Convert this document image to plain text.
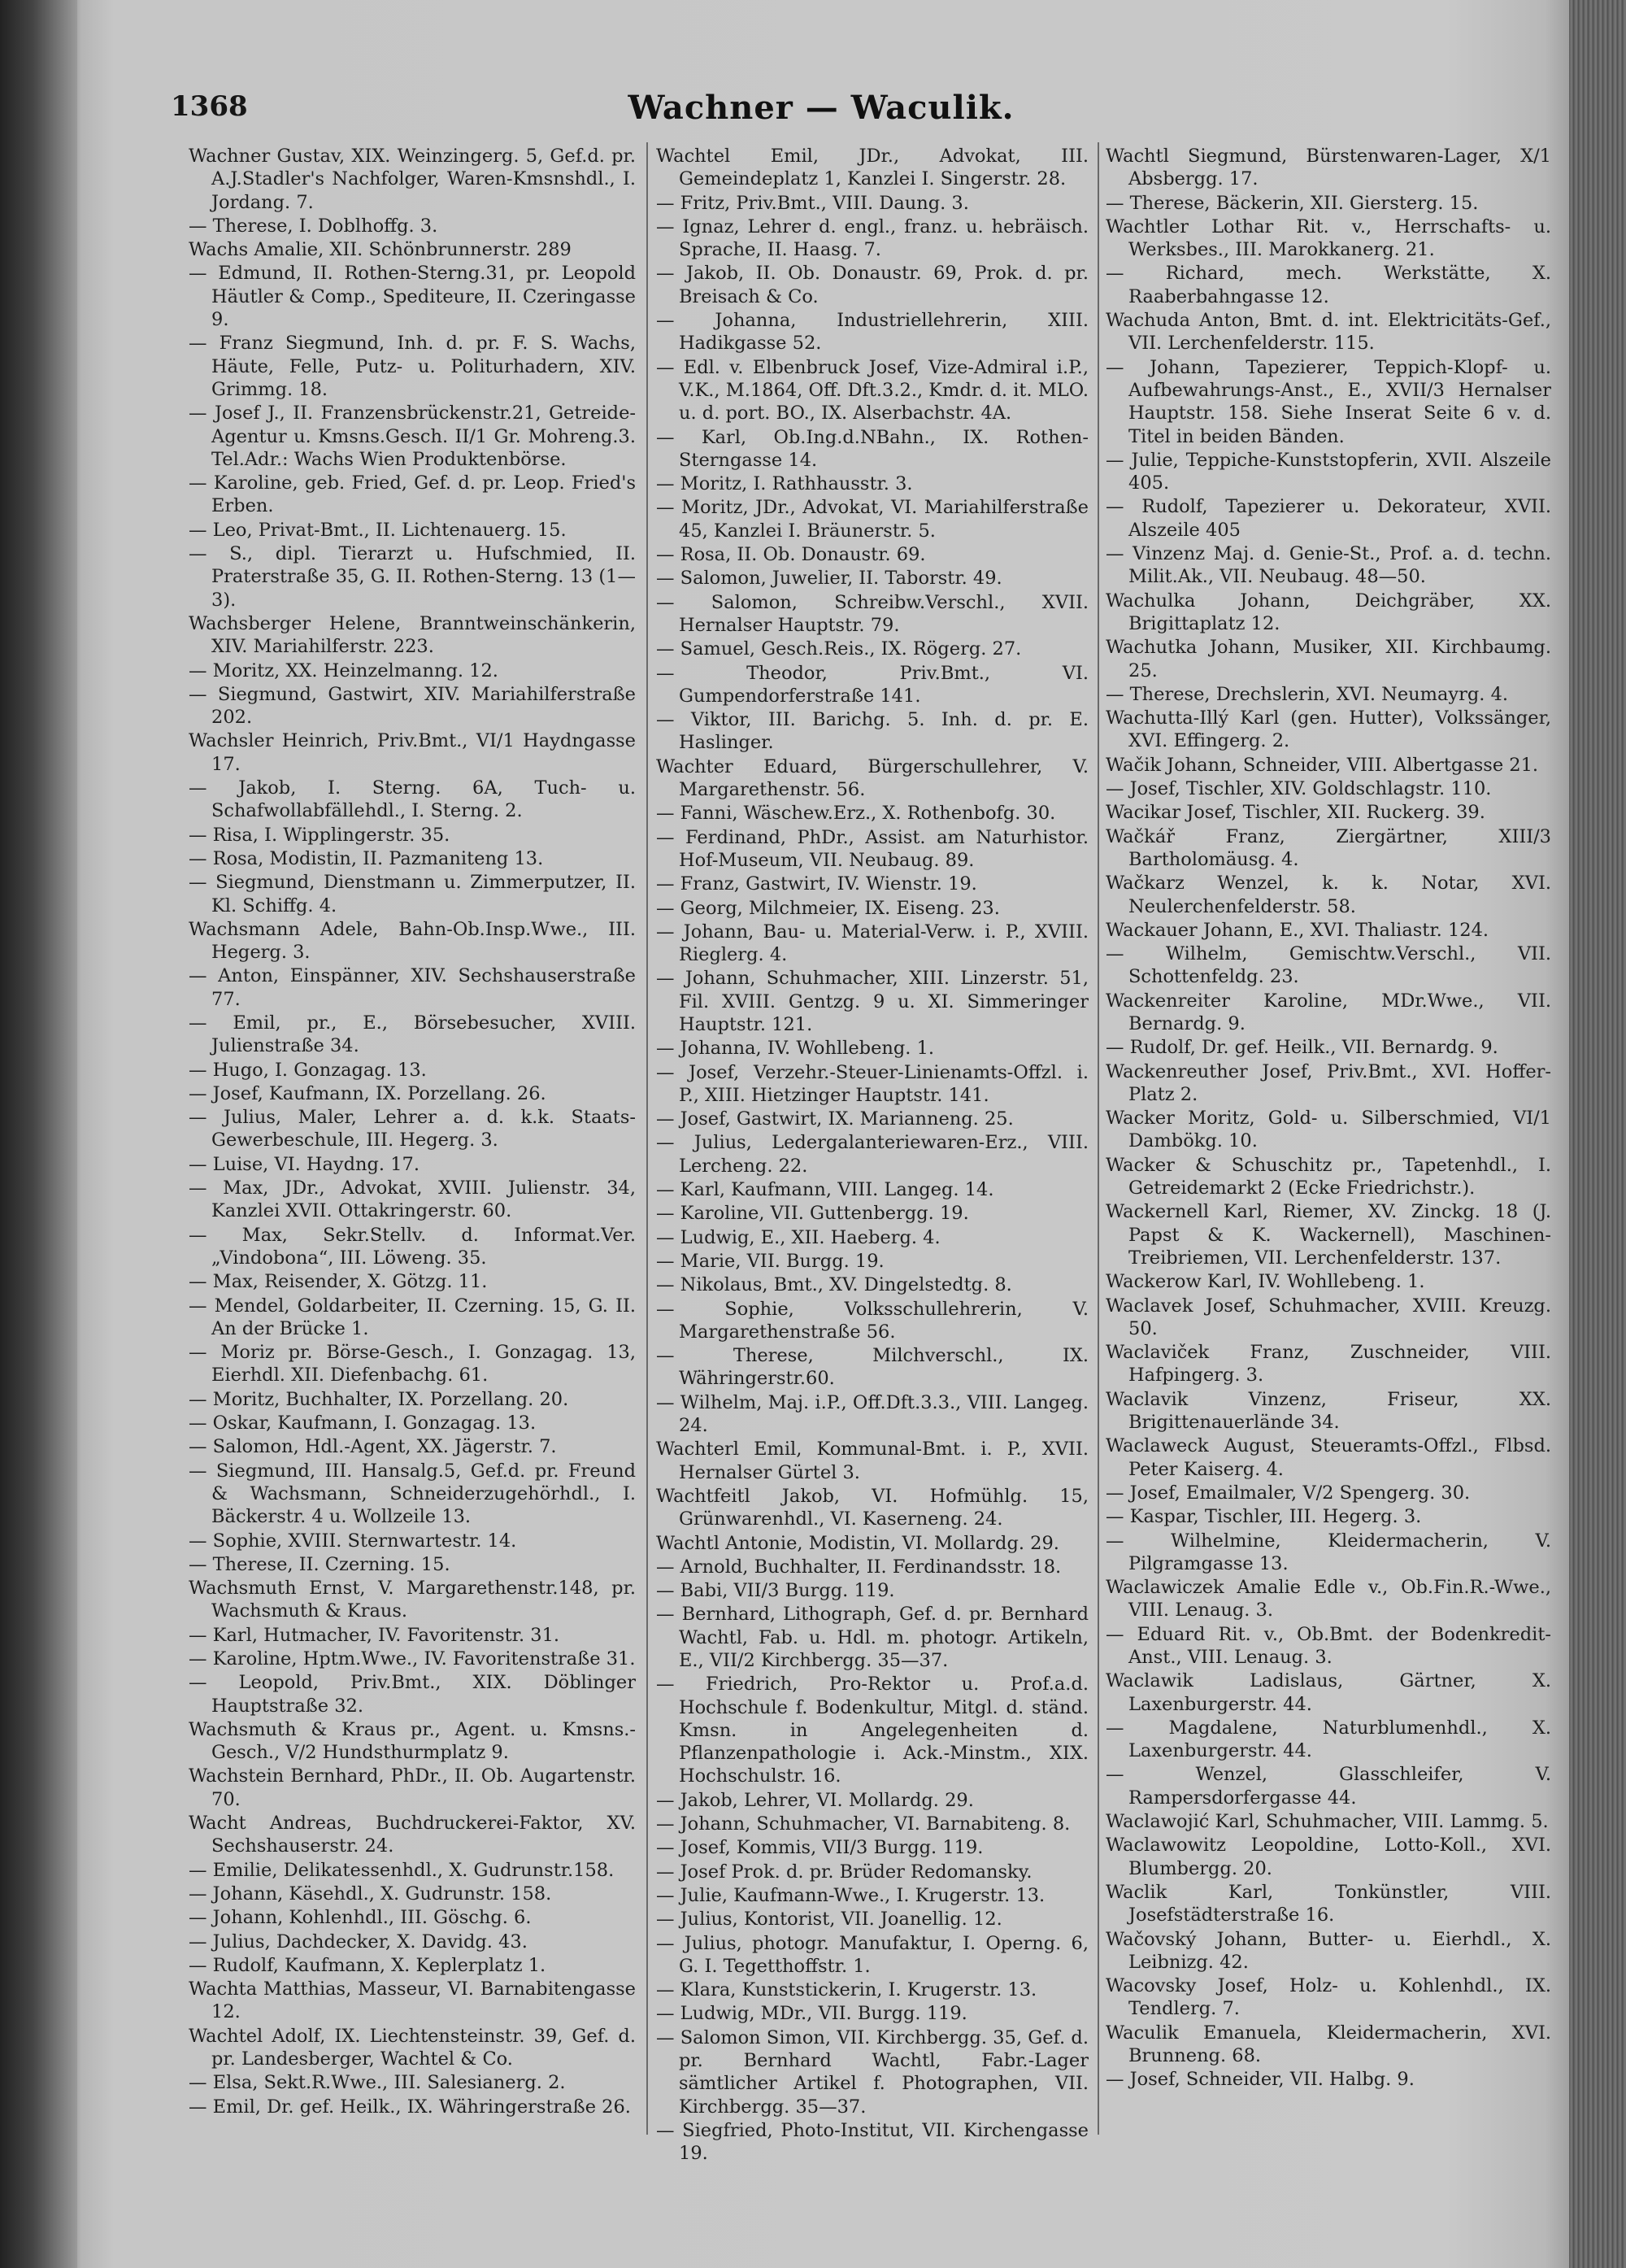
1368	Wachner — Waculik.
Wachner Gustav, XIX. Weinzingerg. 5, Gef.d. pr. A.J.Stadler's Nachfolger, Waren-Kmsnshdl., I. Jordang. 7.
— Therese, I. Doblhoffg. 3.
Wachs Amalie, XII. Schönbrunnerstr. 289
— Edmund, II. Rothen-Sterng.31, pr. Leopold Häutler & Comp., Spediteure, II. Czeringasse 9.
— Franz Siegmund, Inh. d. pr. F. S. Wachs, Häute, Felle, Putz- u. Politurhadern, XIV. Grimmg. 18.
— Josef J., II. Franzensbrückenstr.21, Getreide-Agentur u. Kmsns.Gesch. II/1 Gr. Mohreng.3. Tel.Adr.: Wachs Wien Produktenbörse.
— Karoline, geb. Fried, Gef. d. pr. Leop. Fried's Erben.
— Leo, Privat-Bmt., II. Lichtenauerg. 15.
— S., dipl. Tierarzt u. Hufschmied, II. Praterstraße 35, G. II. Rothen-Sterng. 13 (1—3).
Wachsberger Helene, Branntweinschänkerin, XIV. Mariahilferstr. 223.
— Moritz, XX. Heinzelmanng. 12.
— Siegmund, Gastwirt, XIV. Mariahilferstraße 202.
Wachsler Heinrich, Priv.Bmt., VI/1 Haydngasse 17.
— Jakob, I. Sterng. 6A, Tuch- u. Schafwollabfällehdl., I. Sterng. 2.
— Risa, I. Wipplingerstr. 35.
— Rosa, Modistin, II. Pazmaniteng 13.
— Siegmund, Dienstmann u. Zimmerputzer, II. Kl. Schiffg. 4.
Wachsmann Adele, Bahn-Ob.Insp.Wwe., III. Hegerg. 3.
— Anton, Einspänner, XIV. Sechshauserstraße 77.
— Emil, pr., E., Börsebesucher, XVIII. Julienstraße 34.
— Hugo, I. Gonzagag. 13.
— Josef, Kaufmann, IX. Porzellang. 26.
— Julius, Maler, Lehrer a. d. k.k. Staats-Gewerbeschule, III. Hegerg. 3.
— Luise, VI. Haydng. 17.
— Max, JDr., Advokat, XVIII. Julienstr. 34, Kanzlei XVII. Ottakringerstr. 60.
— Max, Sekr.Stellv. d. Informat.Ver. „Vindobona“, III. Löweng. 35.
— Max, Reisender, X. Götzg. 11.
— Mendel, Goldarbeiter, II. Czerning. 15, G. II. An der Brücke 1.
— Moriz pr. Börse-Gesch., I. Gonzagag. 13, Eierhdl. XII. Diefenbachg. 61.
— Moritz, Buchhalter, IX. Porzellang. 20.
— Oskar, Kaufmann, I. Gonzagag. 13.
— Salomon, Hdl.-Agent, XX. Jägerstr. 7.
— Siegmund, III. Hansalg.5, Gef.d. pr. Freund & Wachsmann, Schneiderzugehörhdl., I. Bäckerstr. 4 u. Wollzeile 13.
— Sophie, XVIII. Sternwartestr. 14.
— Therese, II. Czerning. 15.
Wachsmuth Ernst, V. Margarethenstr.148, pr. Wachsmuth & Kraus.
— Karl, Hutmacher, IV. Favoritenstr. 31.
— Karoline, Hptm.Wwe., IV. Favoritenstraße 31.
— Leopold, Priv.Bmt., XIX. Döblinger Hauptstraße 32.
Wachsmuth & Kraus pr., Agent. u. Kmsns.-Gesch., V/2 Hundsthurmplatz 9.
Wachstein Bernhard, PhDr., II. Ob. Augartenstr. 70.
Wacht Andreas, Buchdruckerei-Faktor, XV. Sechshauserstr. 24.
— Emilie, Delikatessenhdl., X. Gudrunstr.158.
— Johann, Käsehdl., X. Gudrunstr. 158.
— Johann, Kohlenhdl., III. Göschg. 6.
— Julius, Dachdecker, X. Davidg. 43.
— Rudolf, Kaufmann, X. Keplerplatz 1.
Wachta Matthias, Masseur, VI. Barnabitengasse 12.
Wachtel Adolf, IX. Liechtensteinstr. 39, Gef. d. pr. Landesberger, Wachtel & Co.
— Elsa, Sekt.R.Wwe., III. Salesianerg. 2.
— Emil, Dr. gef. Heilk., IX. Währingerstraße 26.
Wachtel Emil, JDr., Advokat, III. Gemeindeplatz 1, Kanzlei I. Singerstr. 28.
— Fritz, Priv.Bmt., VIII. Daung. 3.
— Ignaz, Lehrer d. engl., franz. u. hebräisch. Sprache, II. Haasg. 7.
— Jakob, II. Ob. Donaustr. 69, Prok. d. pr. Breisach & Co.
— Johanna, Industriellehrerin, XIII. Hadikgasse 52.
— Edl. v. Elbenbruck Josef, Vize-Admiral i.P., V.K., M.1864, Off. Dft.3.2., Kmdr. d. it. MLO. u. d. port. BO., IX. Alserbachstr. 4A.
— Karl, Ob.Ing.d.NBahn., IX. Rothen-Sterngasse 14.
— Moritz, I. Rathhausstr. 3.
— Moritz, JDr., Advokat, VI. Mariahilferstraße 45, Kanzlei I. Bräunerstr. 5.
— Rosa, II. Ob. Donaustr. 69.
— Salomon, Juwelier, II. Taborstr. 49.
— Salomon, Schreibw.Verschl., XVII. Hernalser Hauptstr. 79.
— Samuel, Gesch.Reis., IX. Rögerg. 27.
— Theodor, Priv.Bmt., VI. Gumpendorferstraße 141.
— Viktor, III. Barichg. 5. Inh. d. pr. E. Haslinger.
Wachter Eduard, Bürgerschullehrer, V. Margarethenstr. 56.
— Fanni, Wäschew.Erz., X. Rothenbofg. 30.
— Ferdinand, PhDr., Assist. am Naturhistor. Hof-Museum, VII. Neubaug. 89.
— Franz, Gastwirt, IV. Wienstr. 19.
— Georg, Milchmeier, IX. Eiseng. 23.
— Johann, Bau- u. Material-Verw. i. P., XVIII. Rieglerg. 4.
— Johann, Schuhmacher, XIII. Linzerstr. 51, Fil. XVIII. Gentzg. 9 u. XI. Simmeringer Hauptstr. 121.
— Johanna, IV. Wohllebeng. 1.
— Josef, Verzehr.-Steuer-Linienamts-Offzl. i. P., XIII. Hietzinger Hauptstr. 141.
— Josef, Gastwirt, IX. Marianneng. 25.
— Julius, Ledergalanteriewaren-Erz., VIII. Lercheng. 22.
— Karl, Kaufmann, VIII. Langeg. 14.
— Karoline, VII. Guttenbergg. 19.
— Ludwig, E., XII. Haeberg. 4.
— Marie, VII. Burgg. 19.
— Nikolaus, Bmt., XV. Dingelstedtg. 8.
— Sophie, Volksschullehrerin, V. Margarethenstraße 56.
— Therese, Milchverschl., IX. Währingerstr.60.
— Wilhelm, Maj. i.P., Off.Dft.3.3., VIII. Langeg. 24.
Wachterl Emil, Kommunal-Bmt. i. P., XVII. Hernalser Gürtel 3.
Wachtfeitl Jakob, VI. Hofmühlg. 15, Grünwarenhdl., VI. Kaserneng. 24.
Wachtl Antonie, Modistin, VI. Mollardg. 29.
— Arnold, Buchhalter, II. Ferdinandsstr. 18.
— Babi, VII/3 Burgg. 119.
— Bernhard, Lithograph, Gef. d. pr. Bernhard Wachtl, Fab. u. Hdl. m. photogr. Artikeln, E., VII/2 Kirchbergg. 35—37.
— Friedrich, Pro-Rektor u. Prof.a.d. Hochschule f. Bodenkultur, Mitgl. d. ständ. Kmsn. in Angelegenheiten d. Pflanzenpathologie i. Ack.-Minstm., XIX. Hochschulstr. 16.
— Jakob, Lehrer, VI. Mollardg. 29.
— Johann, Schuhmacher, VI. Barnabiteng. 8.
— Josef, Kommis, VII/3 Burgg. 119.
— Josef Prok. d. pr. Brüder Redomansky.
— Julie, Kaufmann-Wwe., I. Krugerstr. 13.
— Julius, Kontorist, VII. Joanellig. 12.
— Julius, photogr. Manufaktur, I. Operng. 6, G. I. Tegetthoffstr. 1.
— Klara, Kunststickerin, I. Krugerstr. 13.
— Ludwig, MDr., VII. Burgg. 119.
— Salomon Simon, VII. Kirchbergg. 35, Gef. d. pr. Bernhard Wachtl, Fabr.-Lager sämtlicher Artikel f. Photographen, VII. Kirchbergg. 35—37.
— Siegfried, Photo-Institut, VII. Kirchengasse 19.
Wachtl Siegmund, Bürstenwaren-Lager, X/1 Absbergg. 17.
— Therese, Bäckerin, XII. Giersterg. 15.
Wachtler Lothar Rit. v., Herrschafts- u. Werksbes., III. Marokkanerg. 21.
— Richard, mech. Werkstätte, X. Raaberbahngasse 12.
Wachuda Anton, Bmt. d. int. Elektricitäts-Gef., VII. Lerchenfelderstr. 115.
— Johann, Tapezierer, Teppich-Klopf- u. Aufbewahrungs-Anst., E., XVII/3 Hernalser Hauptstr. 158. Siehe Inserat Seite 6 v. d. Titel in beiden Bänden.
— Julie, Teppiche-Kunststopferin, XVII. Alszeile 405.
— Rudolf, Tapezierer u. Dekorateur, XVII. Alszeile 405
— Vinzenz Maj. d. Genie-St., Prof. a. d. techn. Milit.Ak., VII. Neubaug. 48—50.
Wachulka Johann, Deichgräber, XX. Brigittaplatz 12.
Wachutka Johann, Musiker, XII. Kirchbaumg. 25.
— Therese, Drechslerin, XVI. Neumayrg. 4.
Wachutta-Illý Karl (gen. Hutter), Volkssänger, XVI. Effingerg. 2.
Wačik Johann, Schneider, VIII. Albertgasse 21.
— Josef, Tischler, XIV. Goldschlagstr. 110.
Wacikar Josef, Tischler, XII. Ruckerg. 39.
Wačkář Franz, Ziergärtner, XIII/3 Bartholomäusg. 4.
Wačkarz Wenzel, k. k. Notar, XVI. Neulerchenfelderstr. 58.
Wackauer Johann, E., XVI. Thaliastr. 124.
— Wilhelm, Gemischtw.Verschl., VII. Schottenfeldg. 23.
Wackenreiter Karoline, MDr.Wwe., VII. Bernardg. 9.
— Rudolf, Dr. gef. Heilk., VII. Bernardg. 9.
Wackenreuther Josef, Priv.Bmt., XVI. Hoffer-Platz 2.
Wacker Moritz, Gold- u. Silberschmied, VI/1 Dambökg. 10.
Wacker & Schuschitz pr., Tapetenhdl., I. Getreidemarkt 2 (Ecke Friedrichstr.).
Wackernell Karl, Riemer, XV. Zinckg. 18 (J. Papst & K. Wackernell), Maschinen-Treibriemen, VII. Lerchenfelderstr. 137.
Wackerow Karl, IV. Wohllebeng. 1.
Waclavek Josef, Schuhmacher, XVIII. Kreuzg. 50.
Waclaviček Franz, Zuschneider, VIII. Hafpingerg. 3.
Waclavik Vinzenz, Friseur, XX. Brigittenauerlände 34.
Waclaweck August, Steueramts-Offzl., Flbsd. Peter Kaiserg. 4.
— Josef, Emailmaler, V/2 Spengerg. 30.
— Kaspar, Tischler, III. Hegerg. 3.
— Wilhelmine, Kleidermacherin, V. Pilgramgasse 13.
Waclawiczek Amalie Edle v., Ob.Fin.R.-Wwe., VIII. Lenaug. 3.
— Eduard Rit. v., Ob.Bmt. der Bodenkredit-Anst., VIII. Lenaug. 3.
Waclawik Ladislaus, Gärtner, X. Laxenburgerstr. 44.
— Magdalene, Naturblumenhdl., X. Laxenburgerstr. 44.
— Wenzel, Glasschleifer, V. Rampersdorfergasse 44.
Waclawojić Karl, Schuhmacher, VIII. Lammg. 5.
Waclawowitz Leopoldine, Lotto-Koll., XVI. Blumbergg. 20.
Waclik Karl, Tonkünstler, VIII. Josefstädterstraße 16.
Wačovský Johann, Butter- u. Eierhdl., X. Leibnizg. 42.
Wacovsky Josef, Holz- u. Kohlenhdl., IX. Tendlerg. 7.
Waculik Emanuela, Kleidermacherin, XVI. Brunneng. 68.
— Josef, Schneider, VII. Halbg. 9.
